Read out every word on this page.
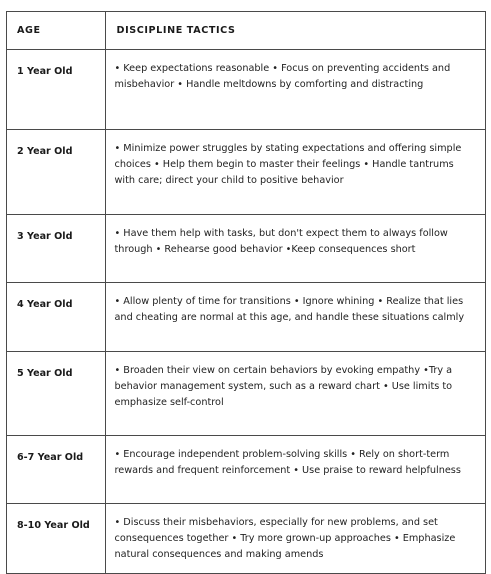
AGE	DISCIPLINE TACTICS
1 Year Old	• Keep expectations reasonable • Focus on preventing accidents and misbehavior • Handle meltdowns by comforting and distracting
2 Year Old	• Minimize power struggles by stating expectations and offering simple choices • Help them begin to master their feelings • Handle tantrums with care; direct your child to positive behavior
3 Year Old	• Have them help with tasks, but don't expect them to always follow through • Rehearse good behavior •Keep consequences short
4 Year Old	• Allow plenty of time for transitions • Ignore whining • Realize that lies and cheating are normal at this age, and handle these situations calmly
5 Year Old	• Broaden their view on certain behaviors by evoking empathy •Try a behavior management system, such as a reward chart • Use limits to emphasize self-control
6-7 Year Old	• Encourage independent problem-solving skills • Rely on short-term rewards and frequent reinforcement • Use praise to reward helpfulness
8-10 Year Old	• Discuss their misbehaviors, especially for new problems, and set consequences together • Try more grown-up approaches • Emphasize natural consequences and making amends
